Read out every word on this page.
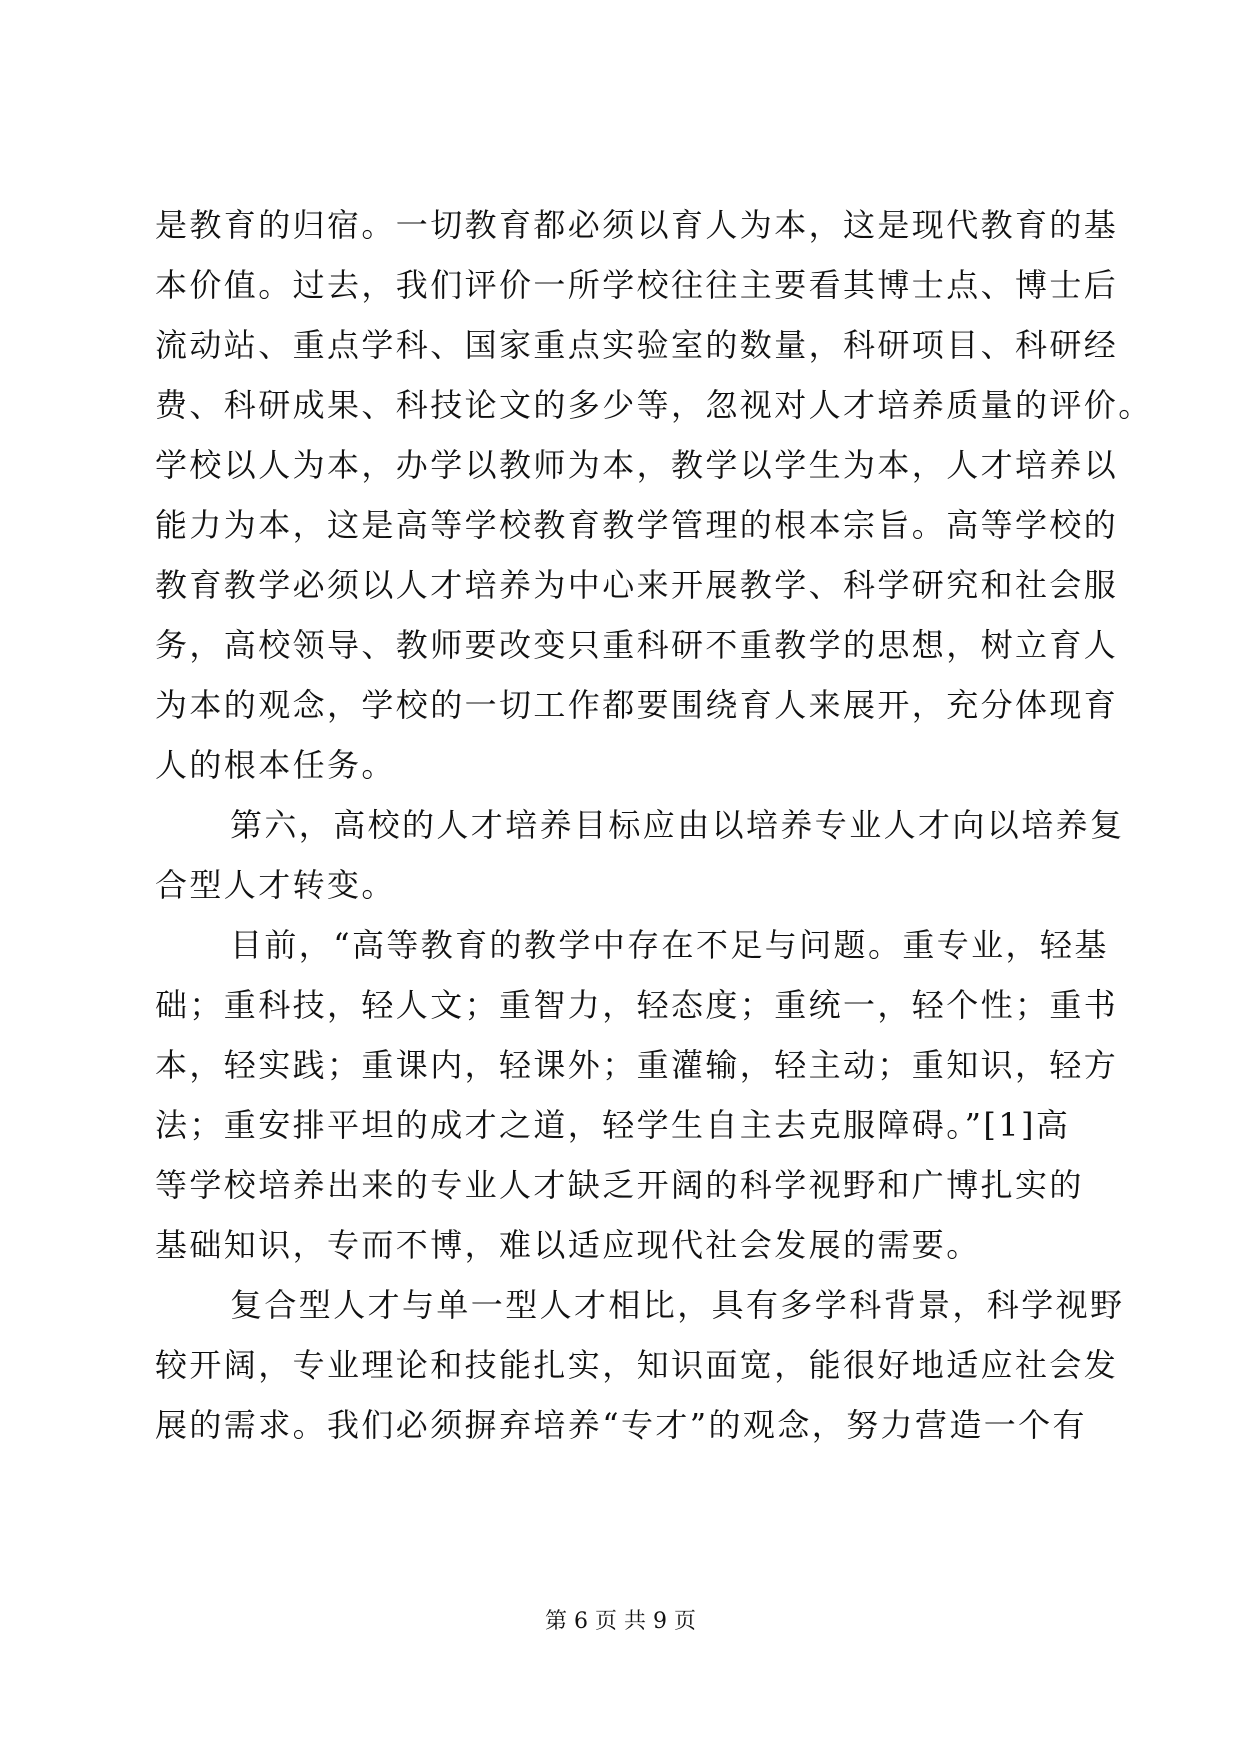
是教育的归宿。一切教育都必须以育人为本，这是现代教育的基
本价值。过去，我们评价一所学校往往主要看其博士点、博士后
流动站、重点学科、国家重点实验室的数量，科研项目、科研经
费、科研成果、科技论文的多少等，忽视对人才培养质量的评价。
学校以人为本，办学以教师为本，教学以学生为本，人才培养以
能力为本，这是高等学校教育教学管理的根本宗旨。高等学校的
教育教学必须以人才培养为中心来开展教学、科学研究和社会服
务，高校领导、教师要改变只重科研不重教学的思想，树立育人
为本的观念，学校的一切工作都要围绕育人来展开，充分体现育
人的根本任务。
第六，高校的人才培养目标应由以培养专业人才向以培养复
合型人才转变。
目前，“高等教育的教学中存在不足与问题。重专业，轻基
础；重科技，轻人文；重智力，轻态度；重统一，轻个性；重书
本，轻实践；重课内，轻课外；重灌输，轻主动；重知识，轻方
法；重安排平坦的成才之道，轻学生自主去克服障碍。”[1]高
等学校培养出来的专业人才缺乏开阔的科学视野和广博扎实的
基础知识，专而不博，难以适应现代社会发展的需要。
复合型人才与单一型人才相比，具有多学科背景，科学视野
较开阔，专业理论和技能扎实，知识面宽，能很好地适应社会发
展的需求。我们必须摒弃培养“专才”的观念，努力营造一个有
第 6 页 共 9 页
